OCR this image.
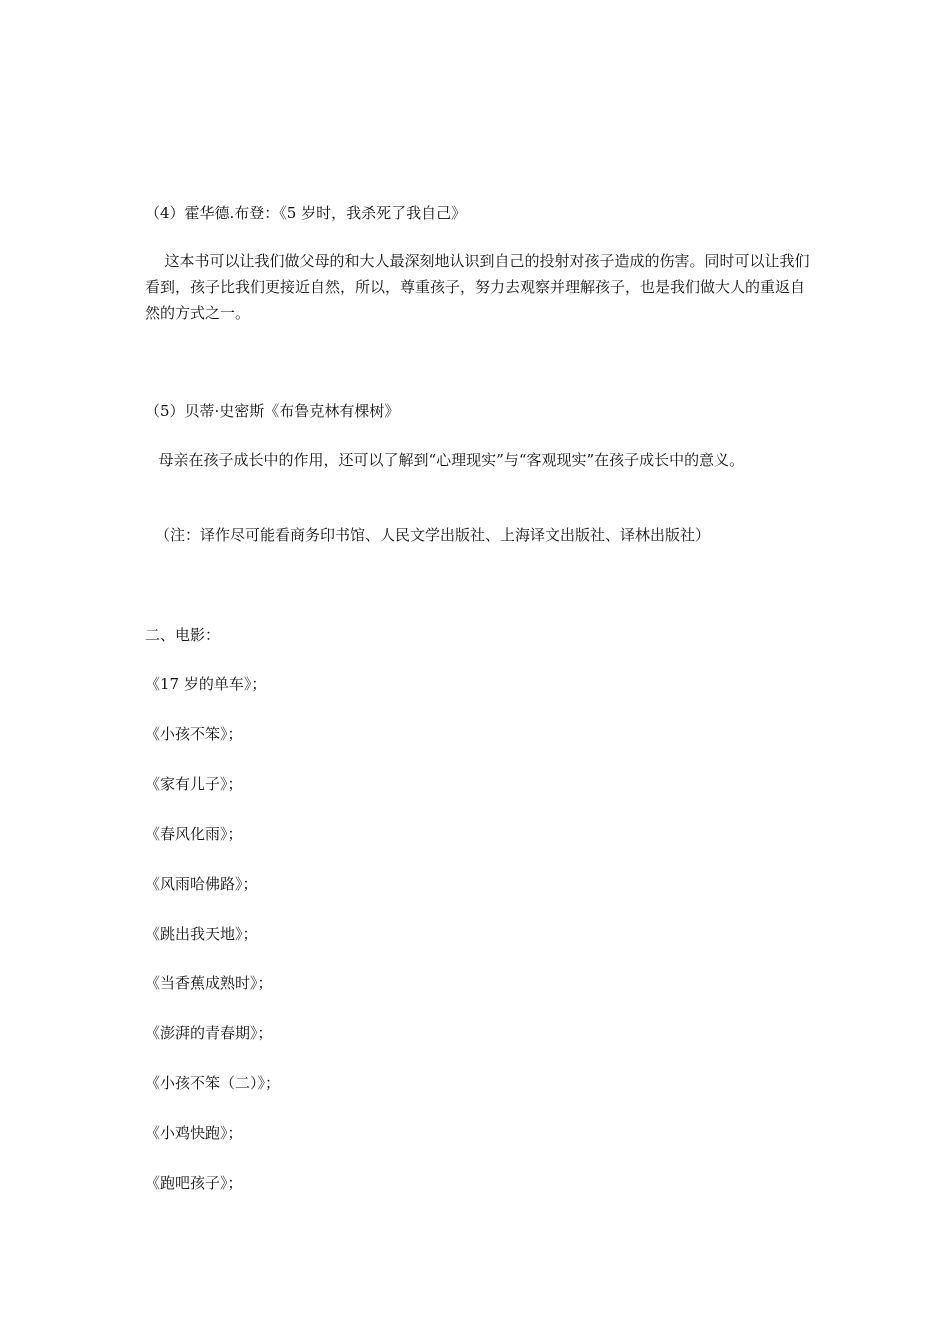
（4）霍华德.布登：《5 岁时，我杀死了我自己》
这本书可以让我们做父母的和大人最深刻地认识到自己的投射对孩子造成的伤害。同时可以让我们看到，孩子比我们更接近自然，所以，尊重孩子，努力去观察并理解孩子，也是我们做大人的重返自然的方式之一。
（5）贝蒂·史密斯《布鲁克林有棵树》
母亲在孩子成长中的作用，还可以了解到“心理现实”与“客观现实”在孩子成长中的意义。
（注：译作尽可能看商务印书馆、人民文学出版社、上海译文出版社、译林出版社）
二、电影：
《17 岁的单车》；
《小孩不笨》；
《家有儿子》；
《春风化雨》；
《风雨哈佛路》；
《跳出我天地》；
《当香蕉成熟时》；
《澎湃的青春期》；
《小孩不笨（二）》；
《小鸡快跑》；
《跑吧孩子》；
